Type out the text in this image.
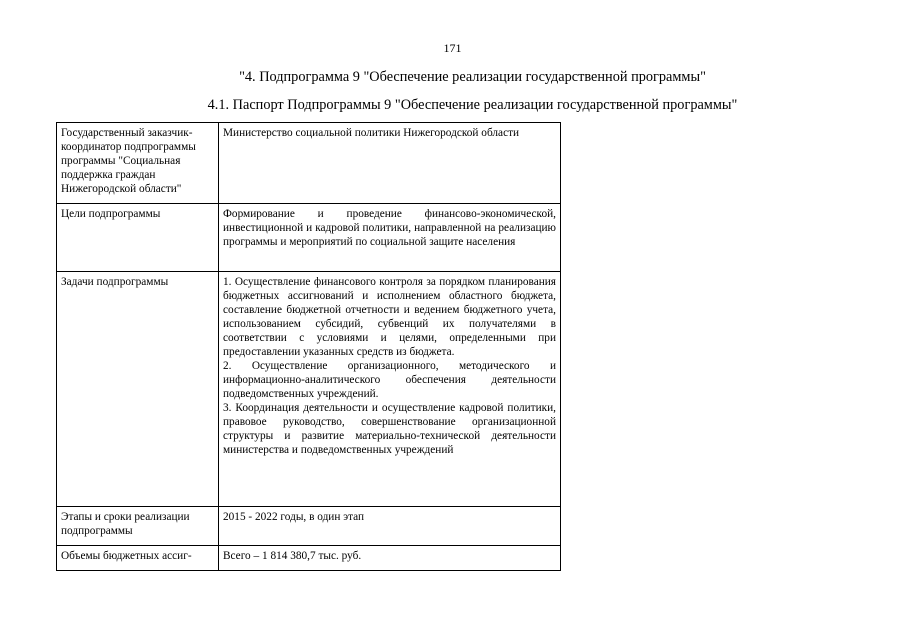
171
"4. Подпрограмма 9 "Обеспечение реализации государственной программы"
4.1. Паспорт Подпрограммы 9 "Обеспечение реализации государственной программы"
Государственный заказчик-координатор подпрограммы программы "Социальная поддержка граждан Нижегородской области"	Министерство социальной политики Нижегородской области

Цели подпрограммы	Формирование и проведение финансово-экономической, инвестиционной и кадровой политики, направленной на реализацию программы и мероприятий по социальной защите населения

Задачи подпрограммы	1. Осуществление финансового контроля за порядком планирования бюджетных ассигнований и исполнением областного бюджета, составление бюджетной отчетности и ведением бюджетного учета, использованием субсидий, субвенций их получателями в соответствии с условиями и целями, определенными при предоставлении указанных средств из бюджета.
2. Осуществление организационного, методического и информационно-аналитического обеспечения деятельности подведомственных учреждений.
3. Координация деятельности и осуществление кадровой политики, правовое руководство, совершенствование организационной структуры и развитие материально-технической деятельности министерства и подведомственных учреждений

Этапы и сроки реализации подпрограммы	2015 - 2022 годы, в один этап

Объемы бюджетных ассиг-	Всего – 1 814 380,7 тыс. руб.
